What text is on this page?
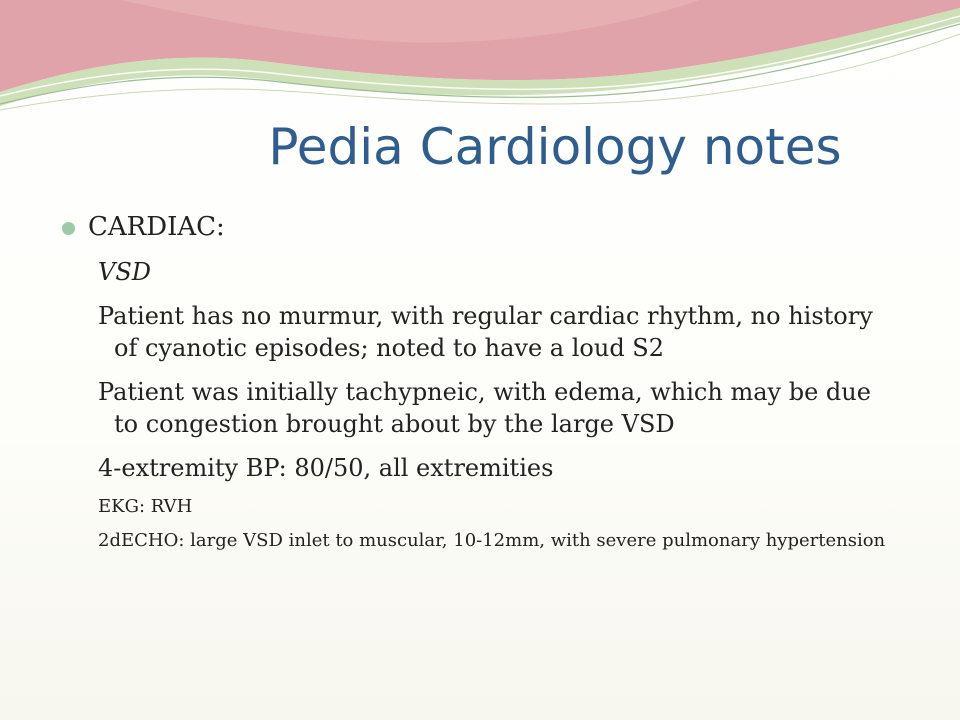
Pedia Cardiology notes
CARDIAC:
VSD
Patient has no murmur, with regular cardiac rhythm, no history of cyanotic episodes; noted to have a loud S2
Patient was initially tachypneic, with edema, which may be due to congestion brought about by the large VSD
4-extremity BP: 80/50, all extremities
EKG: RVH
2dECHO: large VSD inlet to muscular, 10-12mm, with severe pulmonary hypertension
